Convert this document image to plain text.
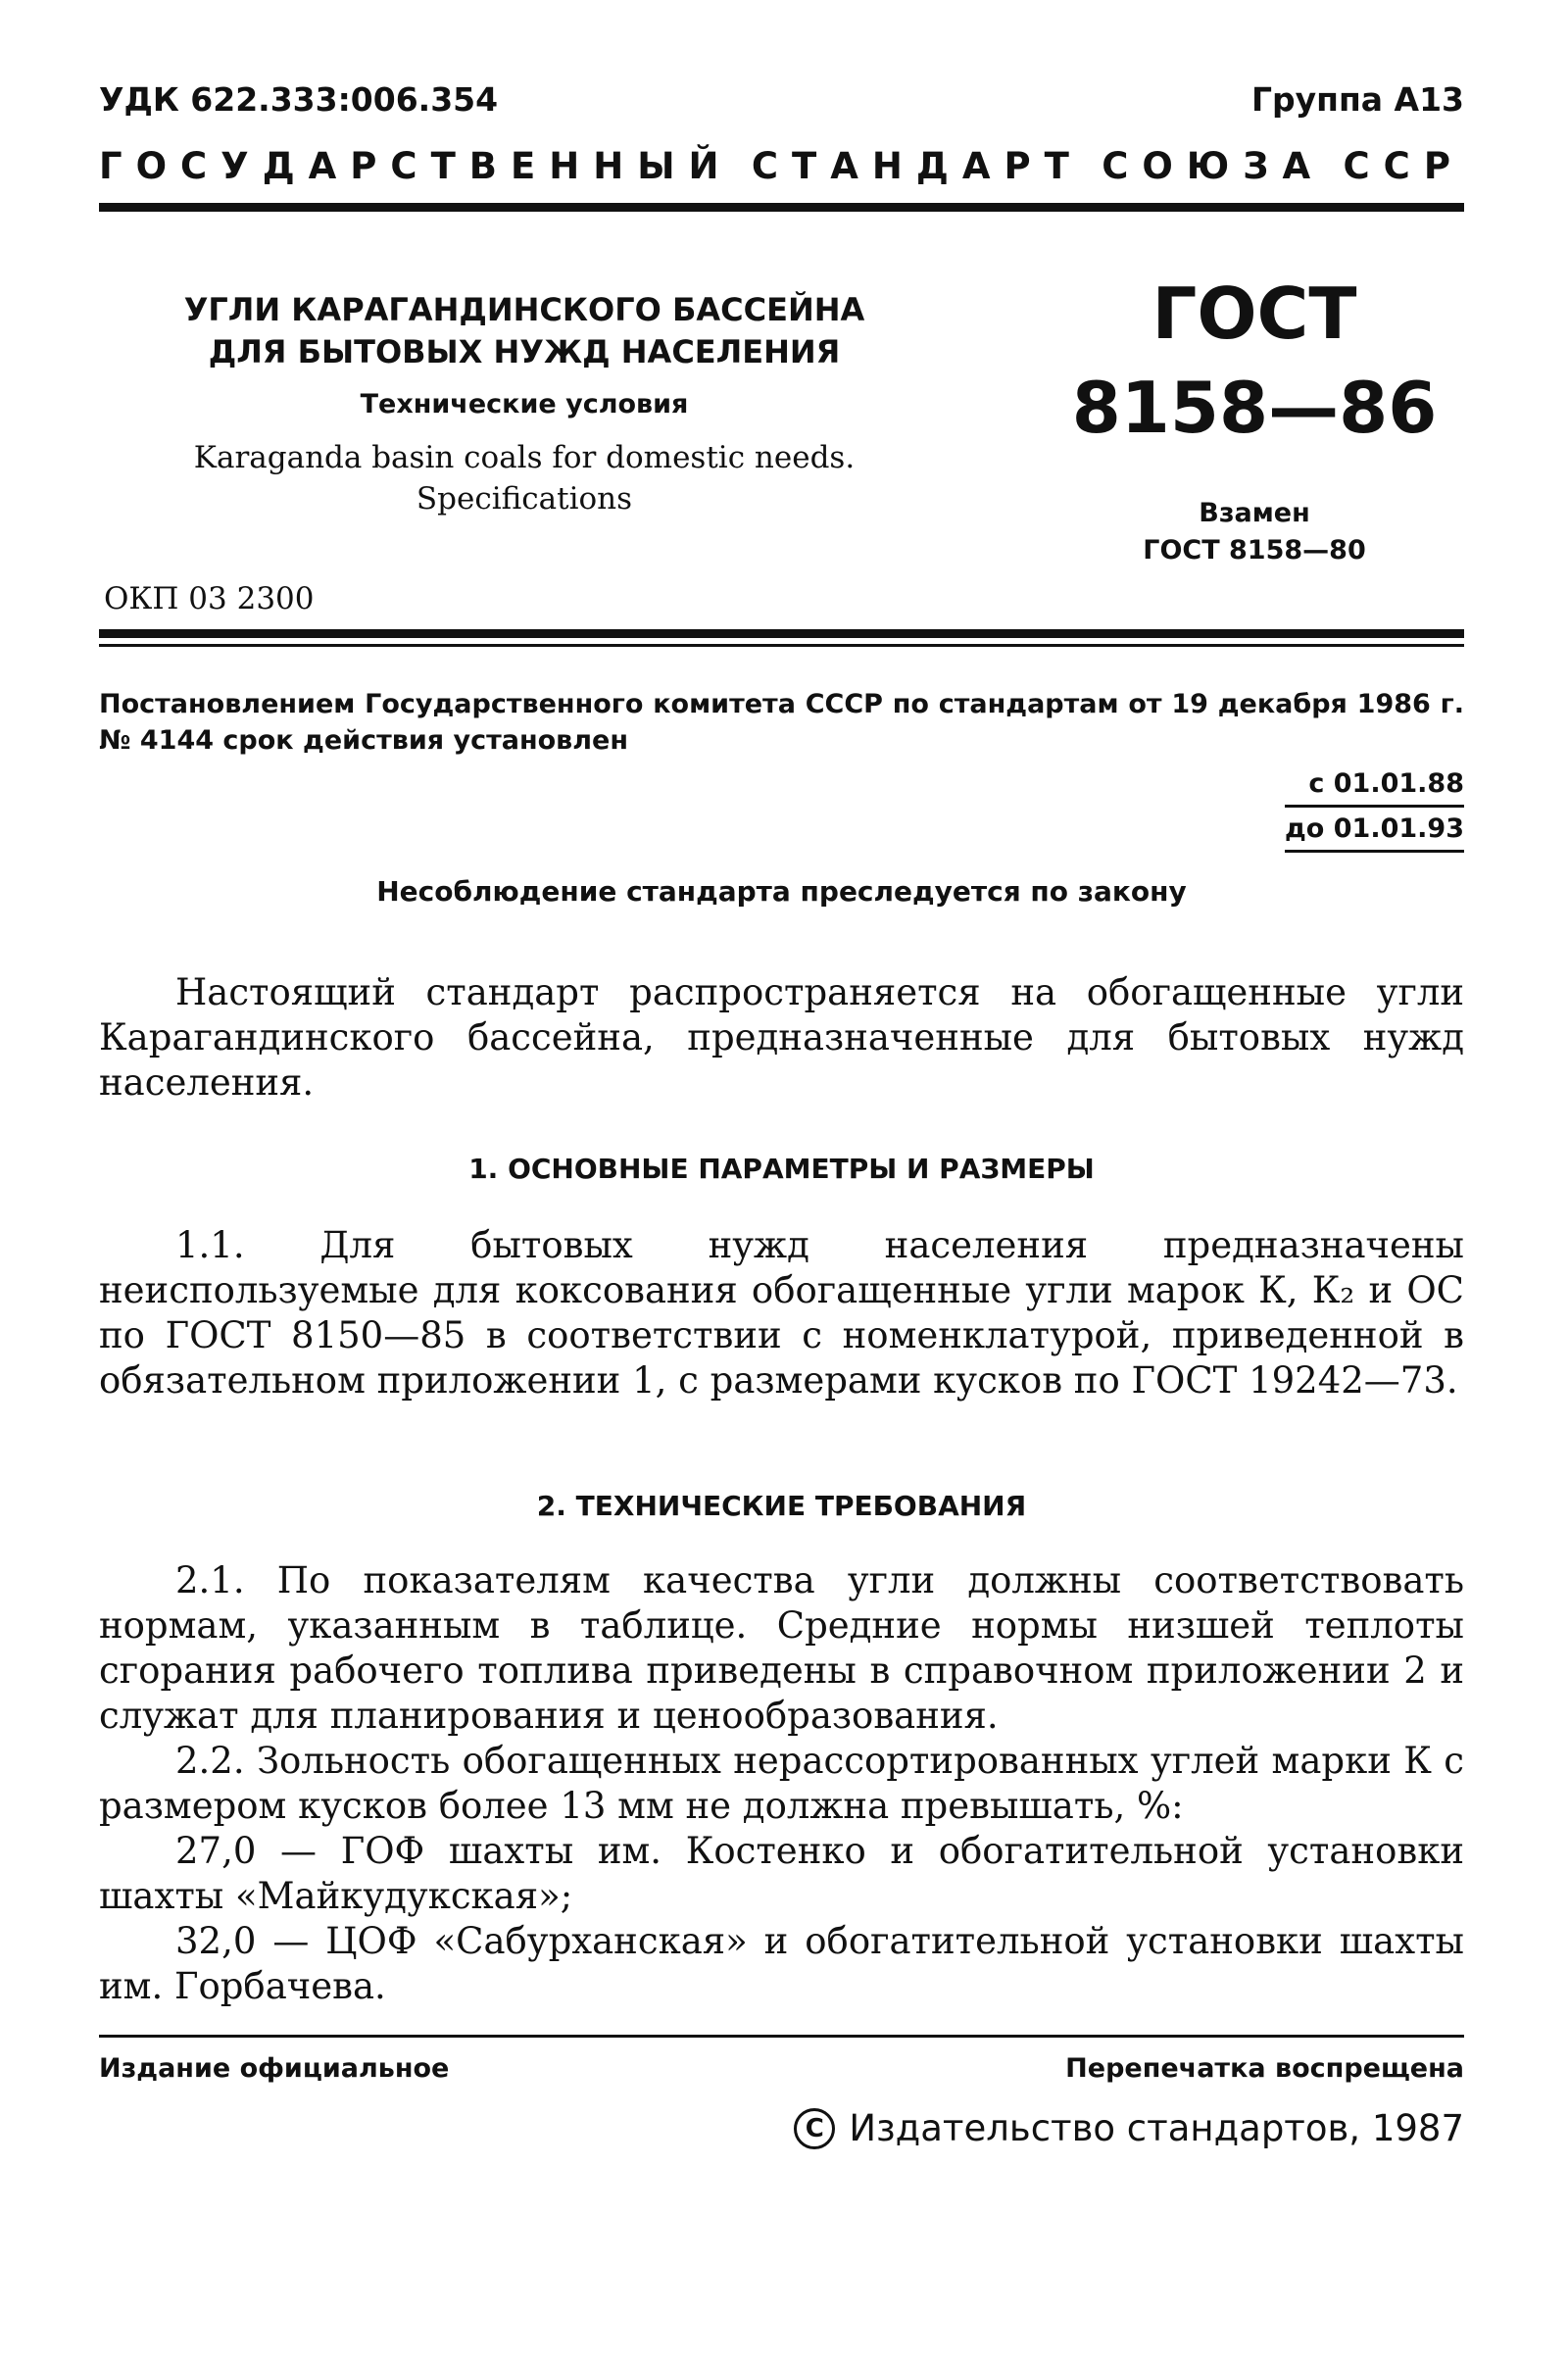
УДК 622.333:006.354	Группа А13
ГОСУДАРСТВЕННЫЙ СТАНДАРТ СОЮЗА ССР
УГЛИ КАРАГАНДИНСКОГО БАССЕЙНА
ДЛЯ БЫТОВЫХ НУЖД НАСЕЛЕНИЯ
Технические условия
Karaganda basin coals for domestic needs.
Specifications
ОКП 03 2300
ГОСТ
8158—86
Взамен
ГОСТ 8158—80
Постановлением Государственного комитета СССР по стандартам от 19 декабря 1986 г. № 4144 срок действия установлен
с 01.01.88
до 01.01.93
Несоблюдение стандарта преследуется по закону
Настоящий стандарт распространяется на обогащенные угли Карагандинского бассейна, предназначенные для бытовых нужд населения.
1. ОСНОВНЫЕ ПАРАМЕТРЫ И РАЗМЕРЫ
1.1. Для бытовых нужд населения предназначены неиспользуемые для коксования обогащенные угли марок К, К₂ и ОС по ГОСТ 8150—85 в соответствии с номенклатурой, приведенной в обязательном приложении 1, с размерами кусков по ГОСТ 19242—73.
2. ТЕХНИЧЕСКИЕ ТРЕБОВАНИЯ
2.1. По показателям качества угли должны соответствовать нормам, указанным в таблице. Средние нормы низшей теплоты сгорания рабочего топлива приведены в справочном приложении 2 и служат для планирования и ценообразования.
2.2. Зольность обогащенных нерассортированных углей марки К с размером кусков более 13 мм не должна превышать, %:
27,0 — ГОФ шахты им. Костенко и обогатительной установки шахты «Майкудукская»;
32,0 — ЦОФ «Сабурханская» и обогатительной установки шахты им. Горбачева.
Издание официальное	Перепечатка воспрещена
С Издательство стандартов, 1987
